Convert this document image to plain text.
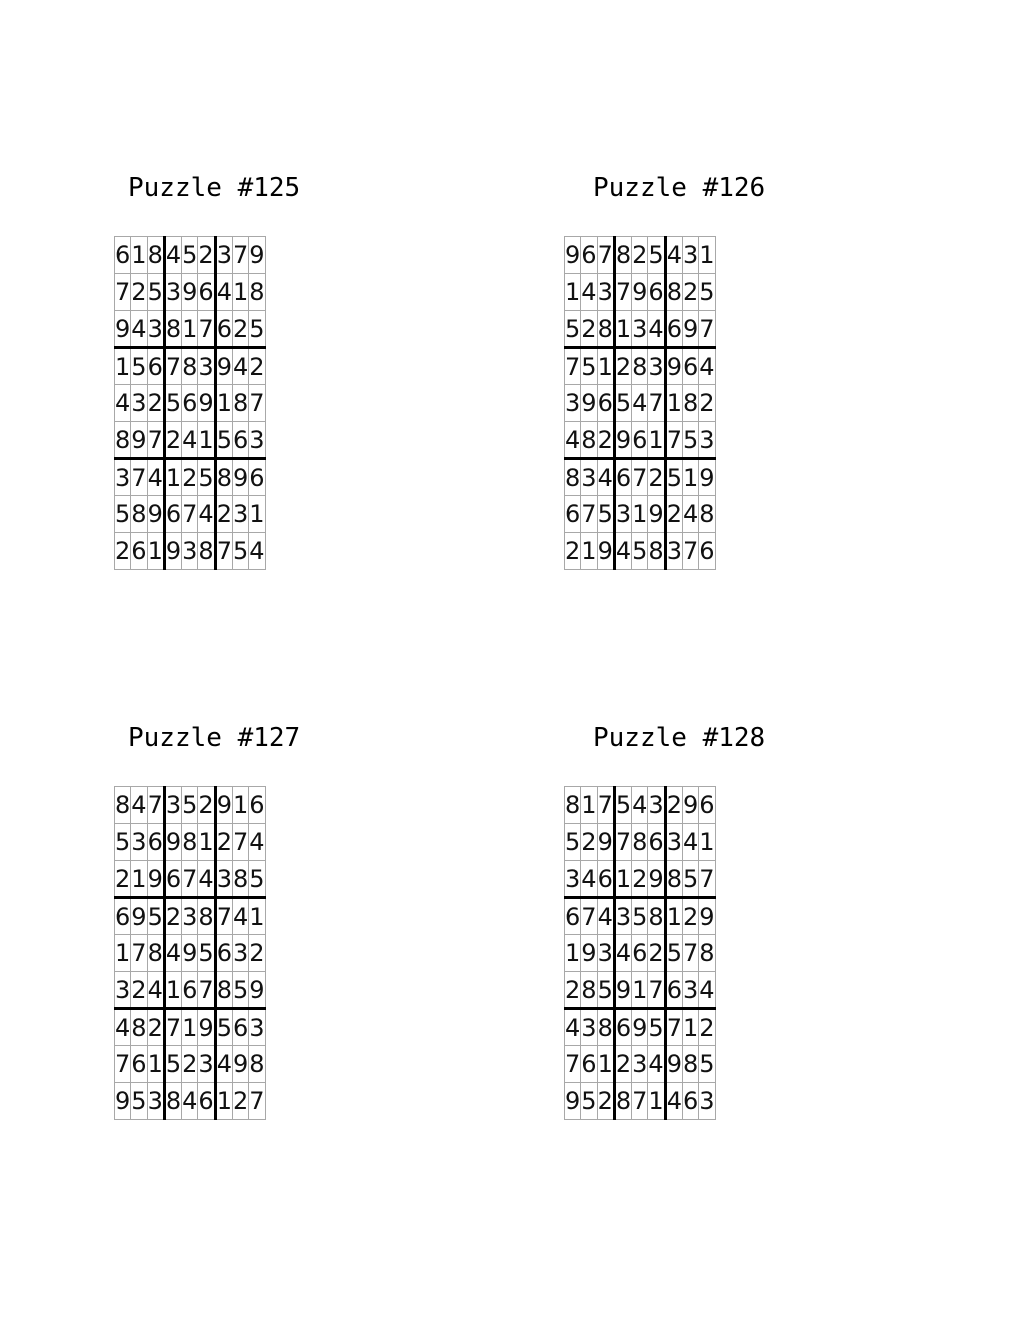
Puzzle #125
6	1	8	4	5	2	3	7	9
7	2	5	3	9	6	4	1	8
9	4	3	8	1	7	6	2	5
1	5	6	7	8	3	9	4	2
4	3	2	5	6	9	1	8	7
8	9	7	2	4	1	5	6	3
3	7	4	1	2	5	8	9	6
5	8	9	6	7	4	2	3	1
2	6	1	9	3	8	7	5	4
Puzzle #126
9	6	7	8	2	5	4	3	1
1	4	3	7	9	6	8	2	5
5	2	8	1	3	4	6	9	7
7	5	1	2	8	3	9	6	4
3	9	6	5	4	7	1	8	2
4	8	2	9	6	1	7	5	3
8	3	4	6	7	2	5	1	9
6	7	5	3	1	9	2	4	8
2	1	9	4	5	8	3	7	6
Puzzle #127
8	4	7	3	5	2	9	1	6
5	3	6	9	8	1	2	7	4
2	1	9	6	7	4	3	8	5
6	9	5	2	3	8	7	4	1
1	7	8	4	9	5	6	3	2
3	2	4	1	6	7	8	5	9
4	8	2	7	1	9	5	6	3
7	6	1	5	2	3	4	9	8
9	5	3	8	4	6	1	2	7
Puzzle #128
8	1	7	5	4	3	2	9	6
5	2	9	7	8	6	3	4	1
3	4	6	1	2	9	8	5	7
6	7	4	3	5	8	1	2	9
1	9	3	4	6	2	5	7	8
2	8	5	9	1	7	6	3	4
4	3	8	6	9	5	7	1	2
7	6	1	2	3	4	9	8	5
9	5	2	8	7	1	4	6	3
